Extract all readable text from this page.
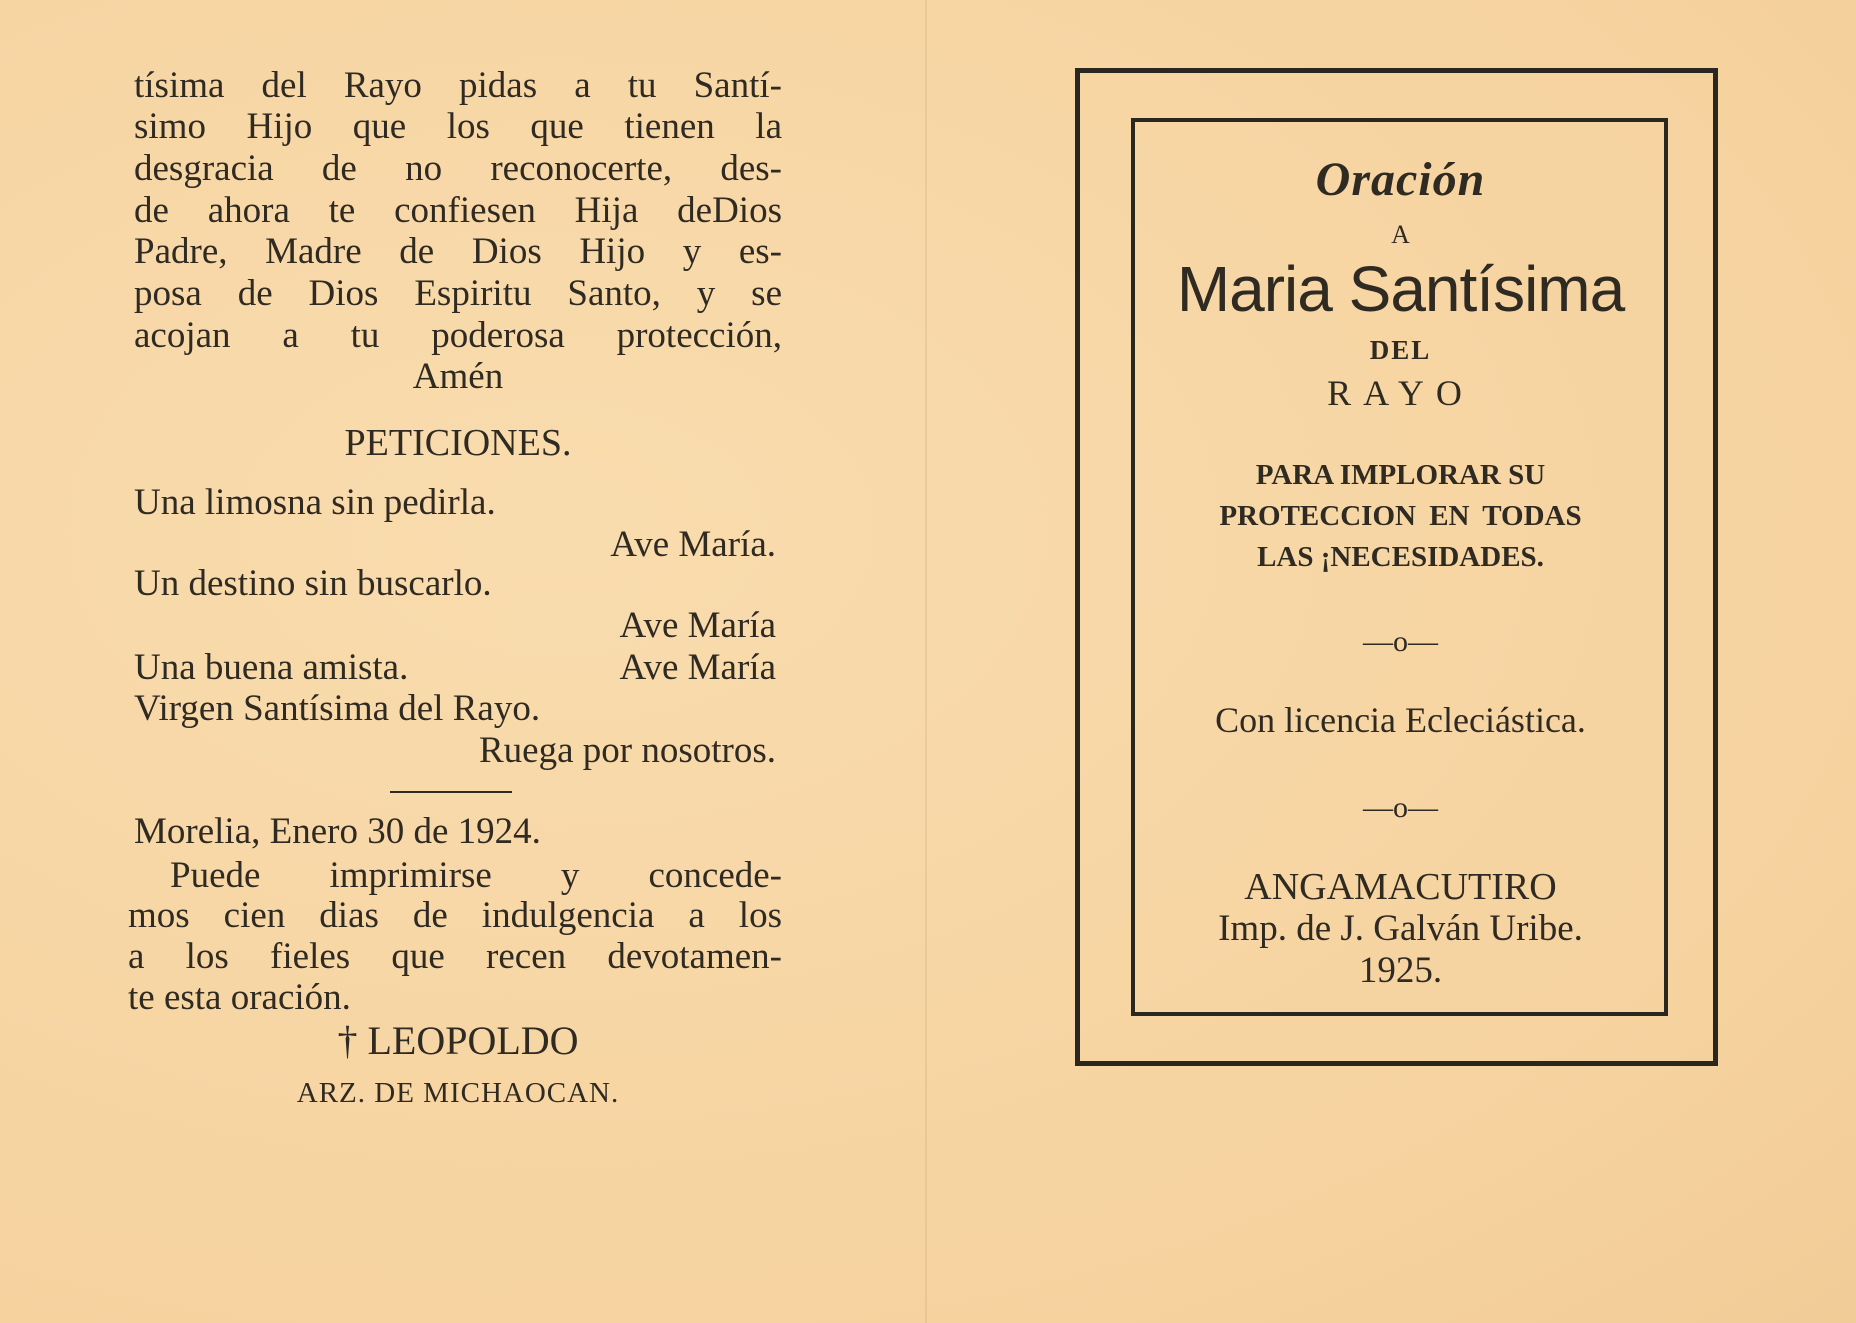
tísima del Rayo pidas a tu Santí-
simo Hijo que los que tienen la
desgracia de no reconocerte, des-
de ahora te confiesen Hija deDios
Padre, Madre de Dios Hijo y es-
posa de Dios Espiritu Santo, y se
acojan a tu poderosa protección,
Amén
PETICIONES.
Una limosna sin pedirla.
Ave María.
Un destino sin buscarlo.
Ave María
Una buena amista.	Ave María
Virgen Santísima del Rayo.
Ruega por nosotros.
Morelia, Enero 30 de 1924.
Puede imprimirse y concede-
mos cien dias de indulgencia a los
a los fieles que recen devotamen-
te esta oración.
† LEOPOLDO
ARZ. DE MICHAOCAN.
Oración
A
Maria Santísima
DEL
RAYO
PARA IMPLORAR SU
PROTECCION EN TODAS
LAS ¡NECESIDADES.
—o—
Con licencia Ecleciástica.
—o—
ANGAMACUTIRO
Imp. de J. Galván Uribe.
1925.
